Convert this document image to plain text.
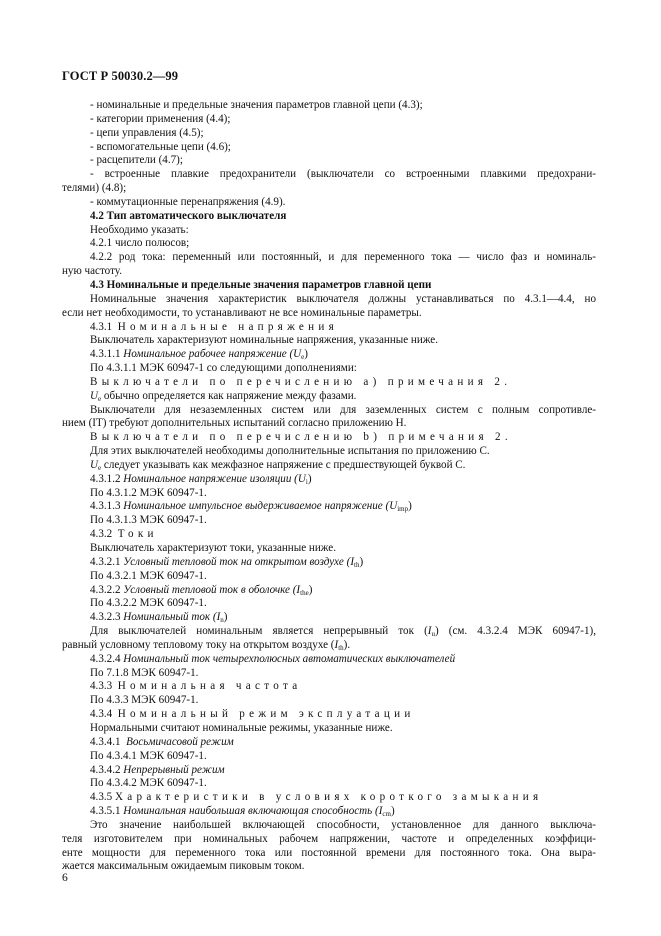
ГОСТ Р 50030.2—99
- номинальные и предельные значения параметров главной цепи (4.3);
- категории применения (4.4);
- цепи управления (4.5);
- вспомогательные цепи (4.6);
- расцепители (4.7);
- встроенные плавкие предохранители (выключатели со встроенными плавкими предохрани-
телями) (4.8);
- коммутационные перенапряжения (4.9).
4.2 Тип автоматического выключателя
Необходимо указать:
4.2.1 число полюсов;
4.2.2 род тока: переменный или постоянный, и для переменного тока — число фаз и номиналь-
ную частоту.
4.3 Номинальные и предельные значения параметров главной цепи
Номинальные значения характеристик выключателя должны устанавливаться по 4.3.1—4.4, но
если нет необходимости, то устанавливают не все номинальные параметры.
4.3.1 Номинальные напряжения
Выключатель характеризуют номинальные напряжения, указанные ниже.
4.3.1.1 Номинальное рабочее напряжение $(U_e)$
По 4.3.1.1 МЭК 60947-1 со следующими дополнениями:
Выключатели по перечислению a) примечания 2.
$U_e$ обычно определяется как напряжение между фазами.
Выключатели для незаземленных систем или для заземленных систем с полным сопротивле-
нием (IT) требуют дополнительных испытаний согласно приложению Н.
Выключатели по перечислению b) примечания 2.
Для этих выключателей необходимы дополнительные испытания по приложению С.
$U_e$ следует указывать как межфазное напряжение с предшествующей буквой С.
4.3.1.2 Номинальное напряжение изоляции $(U_i)$
По 4.3.1.2 МЭК 60947-1.
4.3.1.3 Номинальное импульсное выдерживаемое напряжение $(U_{imp})$
По 4.3.1.3 МЭК 60947-1.
4.3.2 Токи
Выключатель характеризуют токи, указанные ниже.
4.3.2.1 Условный тепловой ток на открытом воздухе $(I_{th})$
По 4.3.2.1 МЭК 60947-1.
4.3.2.2 Условный тепловой ток в оболочке $(I_{the})$
По 4.3.2.2 МЭК 60947-1.
4.3.2.3 Номинальный ток $(I_n)$
Для выключателей номинальным является непрерывный ток $(I_u)$ (см. 4.3.2.4 МЭК 60947-1),
равный условному тепловому току на открытом воздухе $(I_{th})$.
4.3.2.4 Номинальный ток четырехполюсных автоматических выключателей
По 7.1.8 МЭК 60947-1.
4.3.3 Номинальная частота
По 4.3.3 МЭК 60947-1.
4.3.4 Номинальный режим эксплуатации
Нормальными считают номинальные режимы, указанные ниже.
4.3.4.1 Восьмичасовой режим
По 4.3.4.1 МЭК 60947-1.
4.3.4.2 Непрерывный режим
По 4.3.4.2 МЭК 60947-1.
4.3.5 Характеристики в условиях короткого замыкания
4.3.5.1 Номинальная наибольшая включающая способность $(I_{cm})$
Это значение наибольшей включающей способности, установленное для данного выключа-
теля изготовителем при номинальных рабочем напряжении, частоте и определенных коэффици-
енте мощности для переменного тока или постоянной времени для постоянного тока. Она выра-
жается максимальным ожидаемым пиковым током.
6
